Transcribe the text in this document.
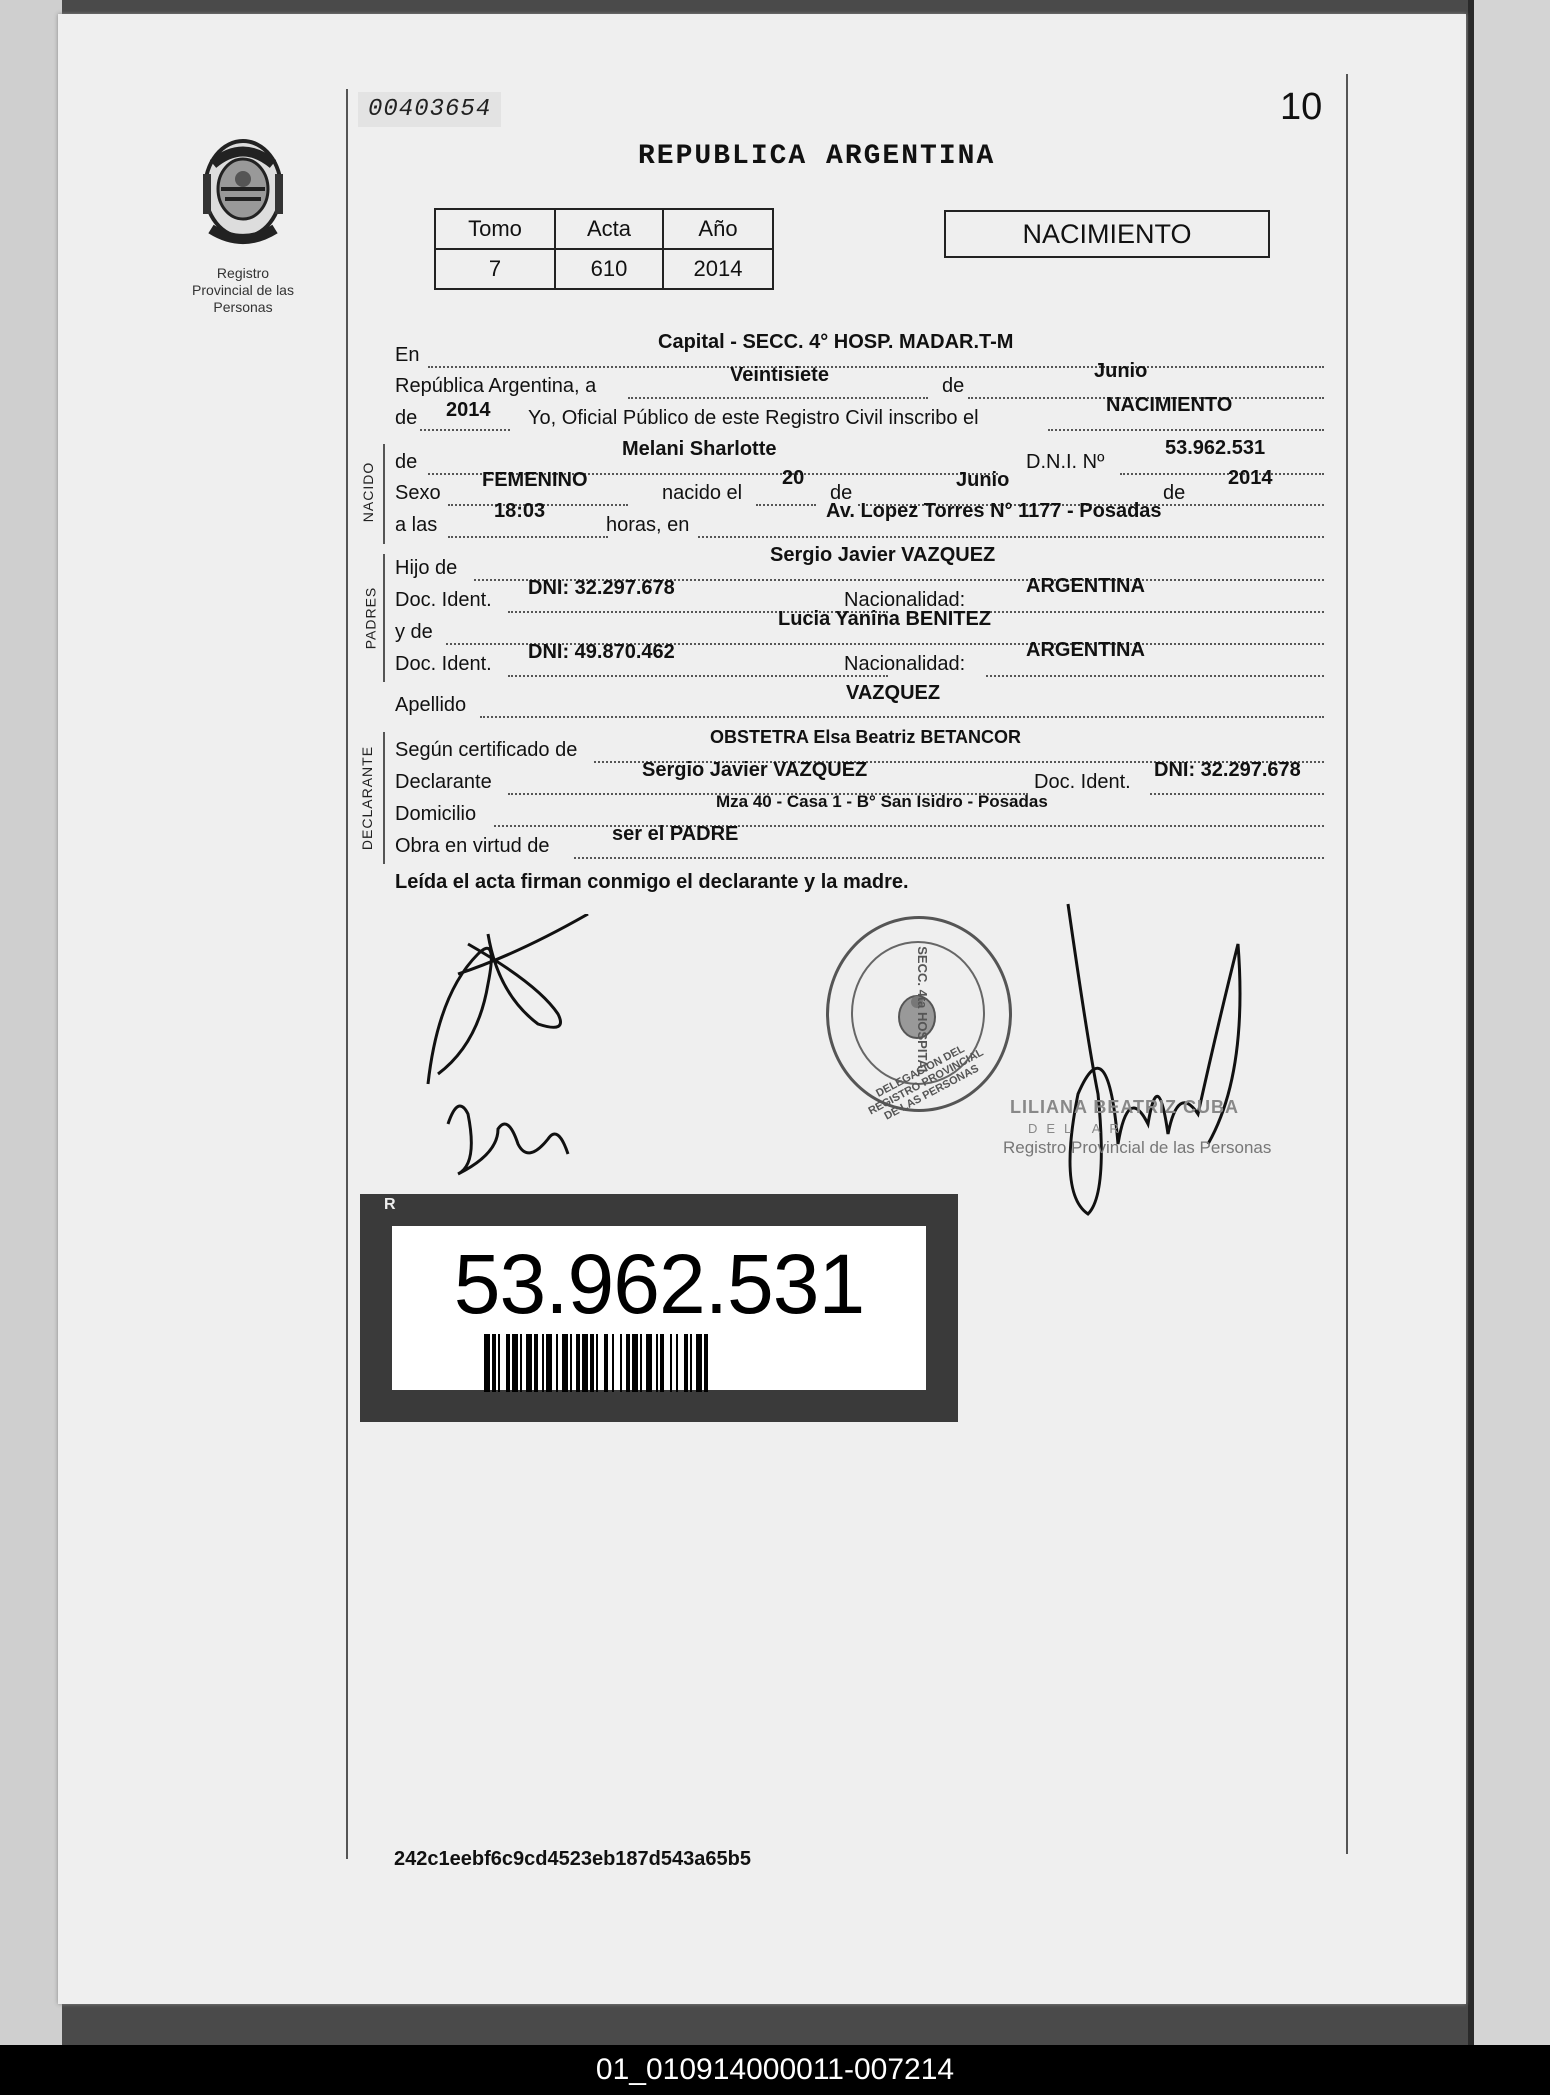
Registro Provincial de las Personas
00403654	10
REPUBLICA ARGENTINA
Tomo	Acta	Año
7	610	2014
NACIMIENTO
En
Capital - SECC. 4° HOSP. MADAR.T-M
República Argentina, a	Veintisiete	de
Junio
de 2014 Yo, Oficial Público de este Registro Civil inscribo el
NACIMIENTO
NACIDO de
Melani Sharlotte
D.N.I. Nº
53.962.531
Sexo
FEMENINO
nacido el
20
de
Junio
de
2014
a las
18:03
horas, en
Av. Lopez Torres N° 1177 - Posadas
PADRES
Hijo de
Sergio Javier VAZQUEZ
Doc. Ident.
DNI: 32.297.678
Nacionalidad:
ARGENTINA
y de
Lucia Yanina BENITEZ
Doc. Ident.
DNI: 49.870.462
Nacionalidad:
ARGENTINA
Apellido
VAZQUEZ
DECLARANTE Según certificado de
OBSTETRA Elsa Beatriz BETANCOR
Declarante
Sergio Javier VAZQUEZ
Doc. Ident.
DNI: 32.297.678
Domicilio
Mza 40 - Casa 1 - B° San Isidro - Posadas
Obra en virtud de
ser el PADRE
Leída el acta firman conmigo el declarante y la madre.
DELEGACION DEL REGISTRO PROVINCIAL DE LAS PERSONAS
SECC. 4ta HOSPITAL
LILIANA BEATRIZ CUBA
DEL AR
Registro Provincial de las Personas
R
53.962.531
242c1eebf6c9cd4523eb187d543a65b5
01_010914000011-007214
